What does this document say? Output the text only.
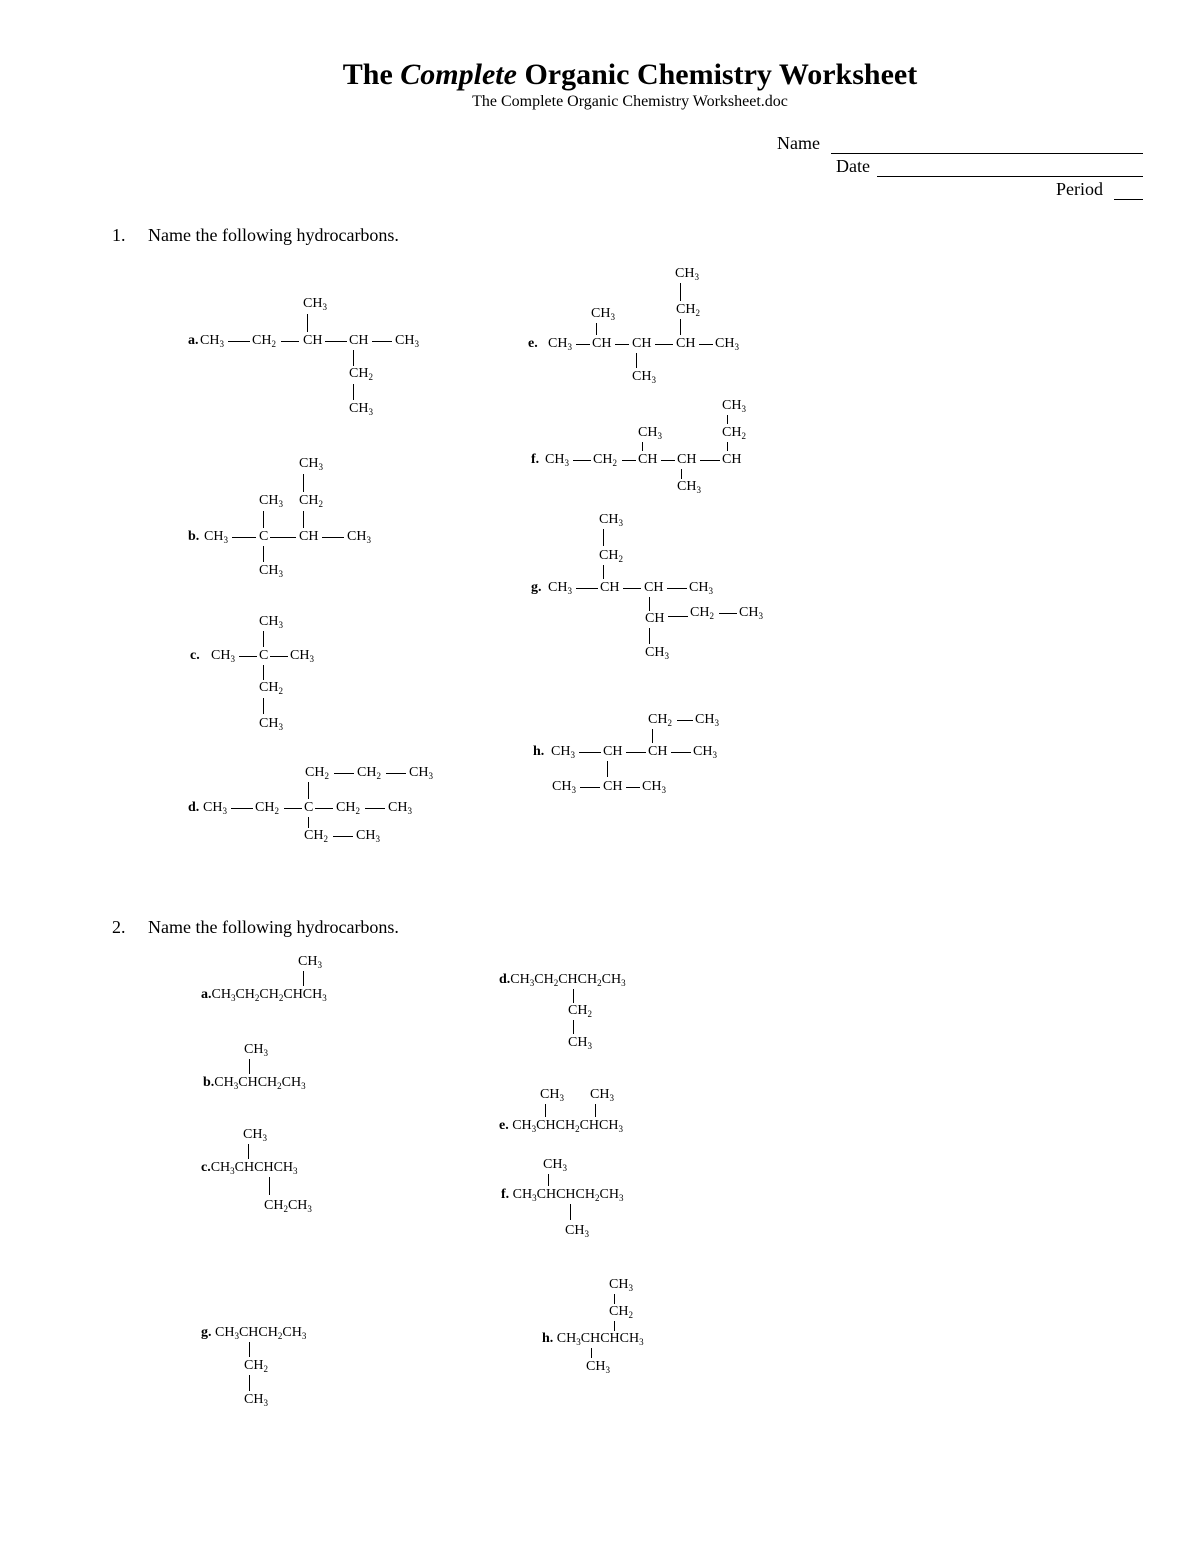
The Complete Organic Chemistry Worksheet
The Complete Organic Chemistry Worksheet.doc
Name
Date
Period
1. Name the following hydrocarbons.
a. $CH_3$ $CH_2$ CH CH $CH_3$
$CH_3$
$CH_2$
$CH_3$
b. $CH_3$ C CH $CH_3$
$CH_3$
$CH_3$
$CH_3$
$CH_2$
c. $CH_3$ C $CH_3$
$CH_3$
$CH_2$
$CH_3$
d. $CH_3$ $CH_2$ C $CH_2$ $CH_3$
$CH_2$ $CH_2$ $CH_3$
$CH_2$ $CH_3$
e. $CH_3$ CH CH CH $CH_3$
$CH_3$
$CH_3$
$CH_3$
$CH_2$
f. $CH_3$ $CH_2$ CH CH CH
$CH_3$
$CH_3$
$CH_3$
$CH_2$
g. $CH_3$ CH CH $CH_3$
$CH_3$
$CH_2$
CH $CH_2$ $CH_3$
$CH_3$
h. $CH_3$ CH CH $CH_3$
$CH_2$ $CH_3$
$CH_3$ CH $CH_3$
2. Name the following hydrocarbons.
$CH_3$
$a.CH_3CH_2CH_2CHCH_3$
$CH_3$
$b.CH_3CHCH_2CH_3$
$CH_3$
$c.CH_3CHCHCH_3$
$CH_2CH_3$
$d.CH_3CH_2CHCH_2CH_3$
$CH_2$
$CH_3$
$CH_3$ $CH_3$
e. $CH_3CHCH_2CHCH_3$
$CH_3$
f. $CH_3CHCHCH_2CH_3$
$CH_3$
g. $CH_3CHCH_2CH_3$
$CH_2$
$CH_3$
$CH_3$
$CH_2$
h. $CH_3CHCHCH_3$
$CH_3$
